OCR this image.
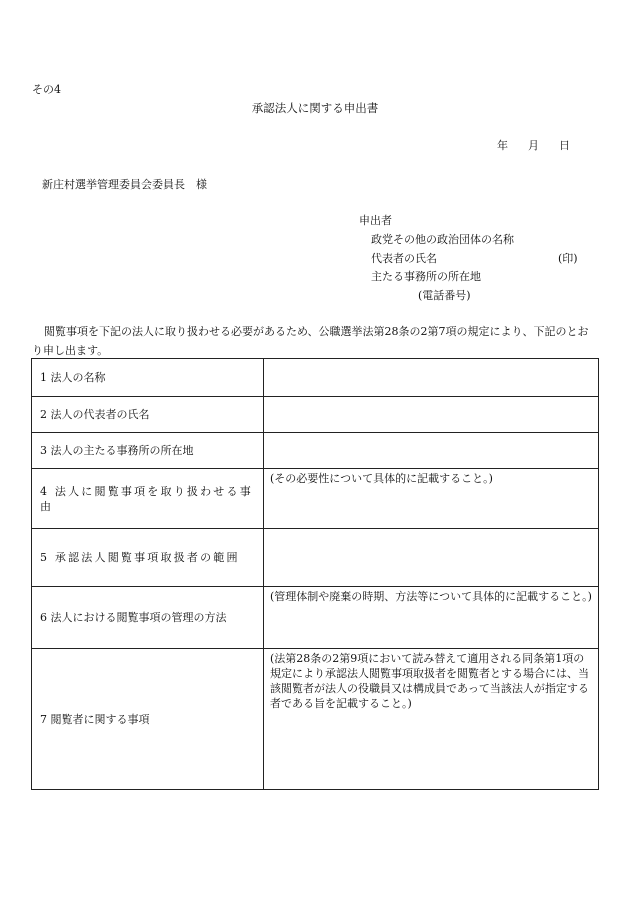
その4
承認法人に関する申出書
年 月 日
新庄村選挙管理委員会委員長　様
申出者
政党その他の政治団体の名称
代表者の氏名	(印)
主たる事務所の所在地
(電話番号)
閲覧事項を下記の法人に取り扱わせる必要があるため、公職選挙法第28条の2第7項の規定により、下記のとおり申し出ます。
1 法人の名称	
2 法人の代表者の氏名	
3 法人の主たる事務所の所在地	
4 法人に閲覧事項を取り扱わせる事由	(その必要性について具体的に記載すること。)
5 承認法人閲覧事項取扱者の範囲	
6 法人における閲覧事項の管理の方法	(管理体制や廃棄の時期、方法等について具体的に記載すること。)
7 閲覧者に関する事項	(法第28条の2第9項において読み替えて適用される同条第1項の規定により承認法人閲覧事項取扱者を閲覧者とする場合には、当該閲覧者が法人の役職員又は構成員であって当該法人が指定する者である旨を記載すること。)
